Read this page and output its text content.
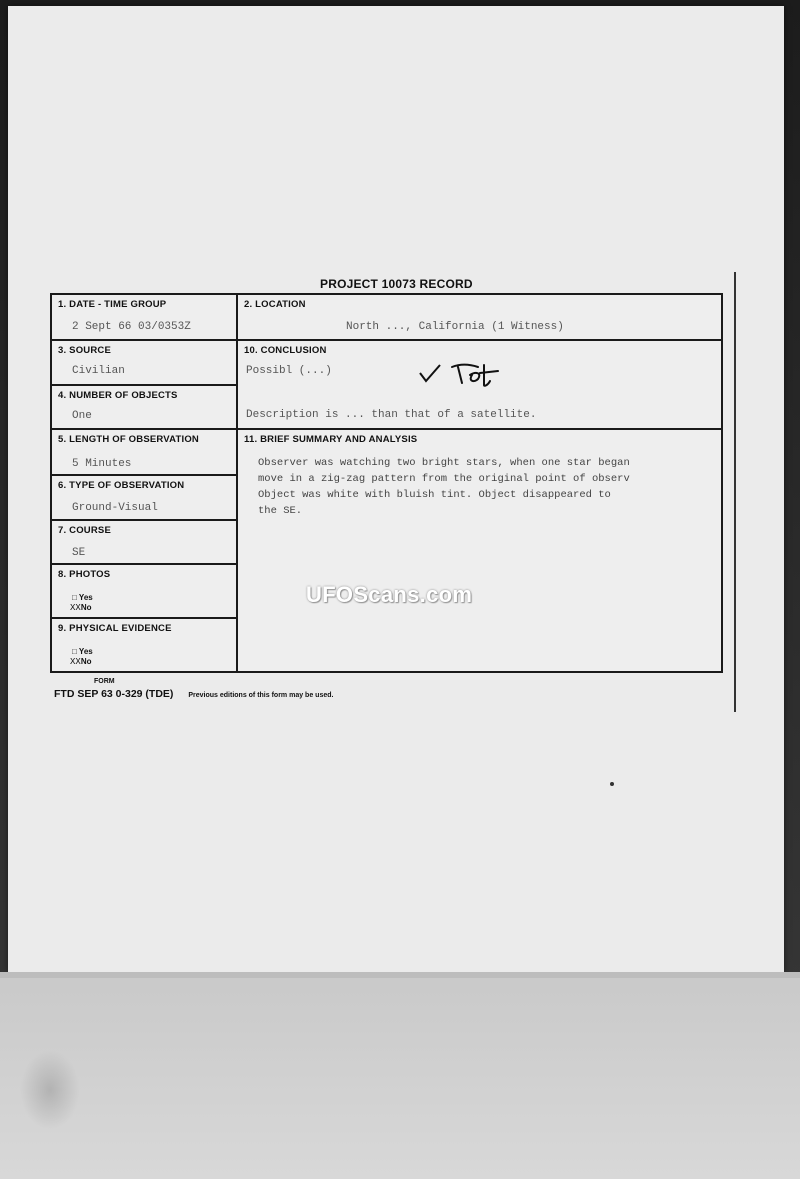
PROJECT 10073 RECORD
1. DATE - TIME GROUP
2 Sept 66 03/0353Z
2. LOCATION
North ..., California (1 Witness)
3. SOURCE
Civilian
10. CONCLUSION
Possibl (...)
Description is ... than that of a satellite.
4. NUMBER OF OBJECTS
One
5. LENGTH OF OBSERVATION
5 Minutes
11. BRIEF SUMMARY AND ANALYSIS
6. TYPE OF OBSERVATION
Ground-Visual
7. COURSE
SE
8. PHOTOS
□ Yes
XXNo
9. PHYSICAL EVIDENCE
□ Yes
XXNo
Observer was watching two bright stars, when one star began
move in a zig-zag pattern from the original point of observ
Object was white with bluish tint. Object disappeared to
the SE.
UFOScans.com
FORM
FTD SEP 63 0-329 (TDE) Previous editions of this form may be used.
